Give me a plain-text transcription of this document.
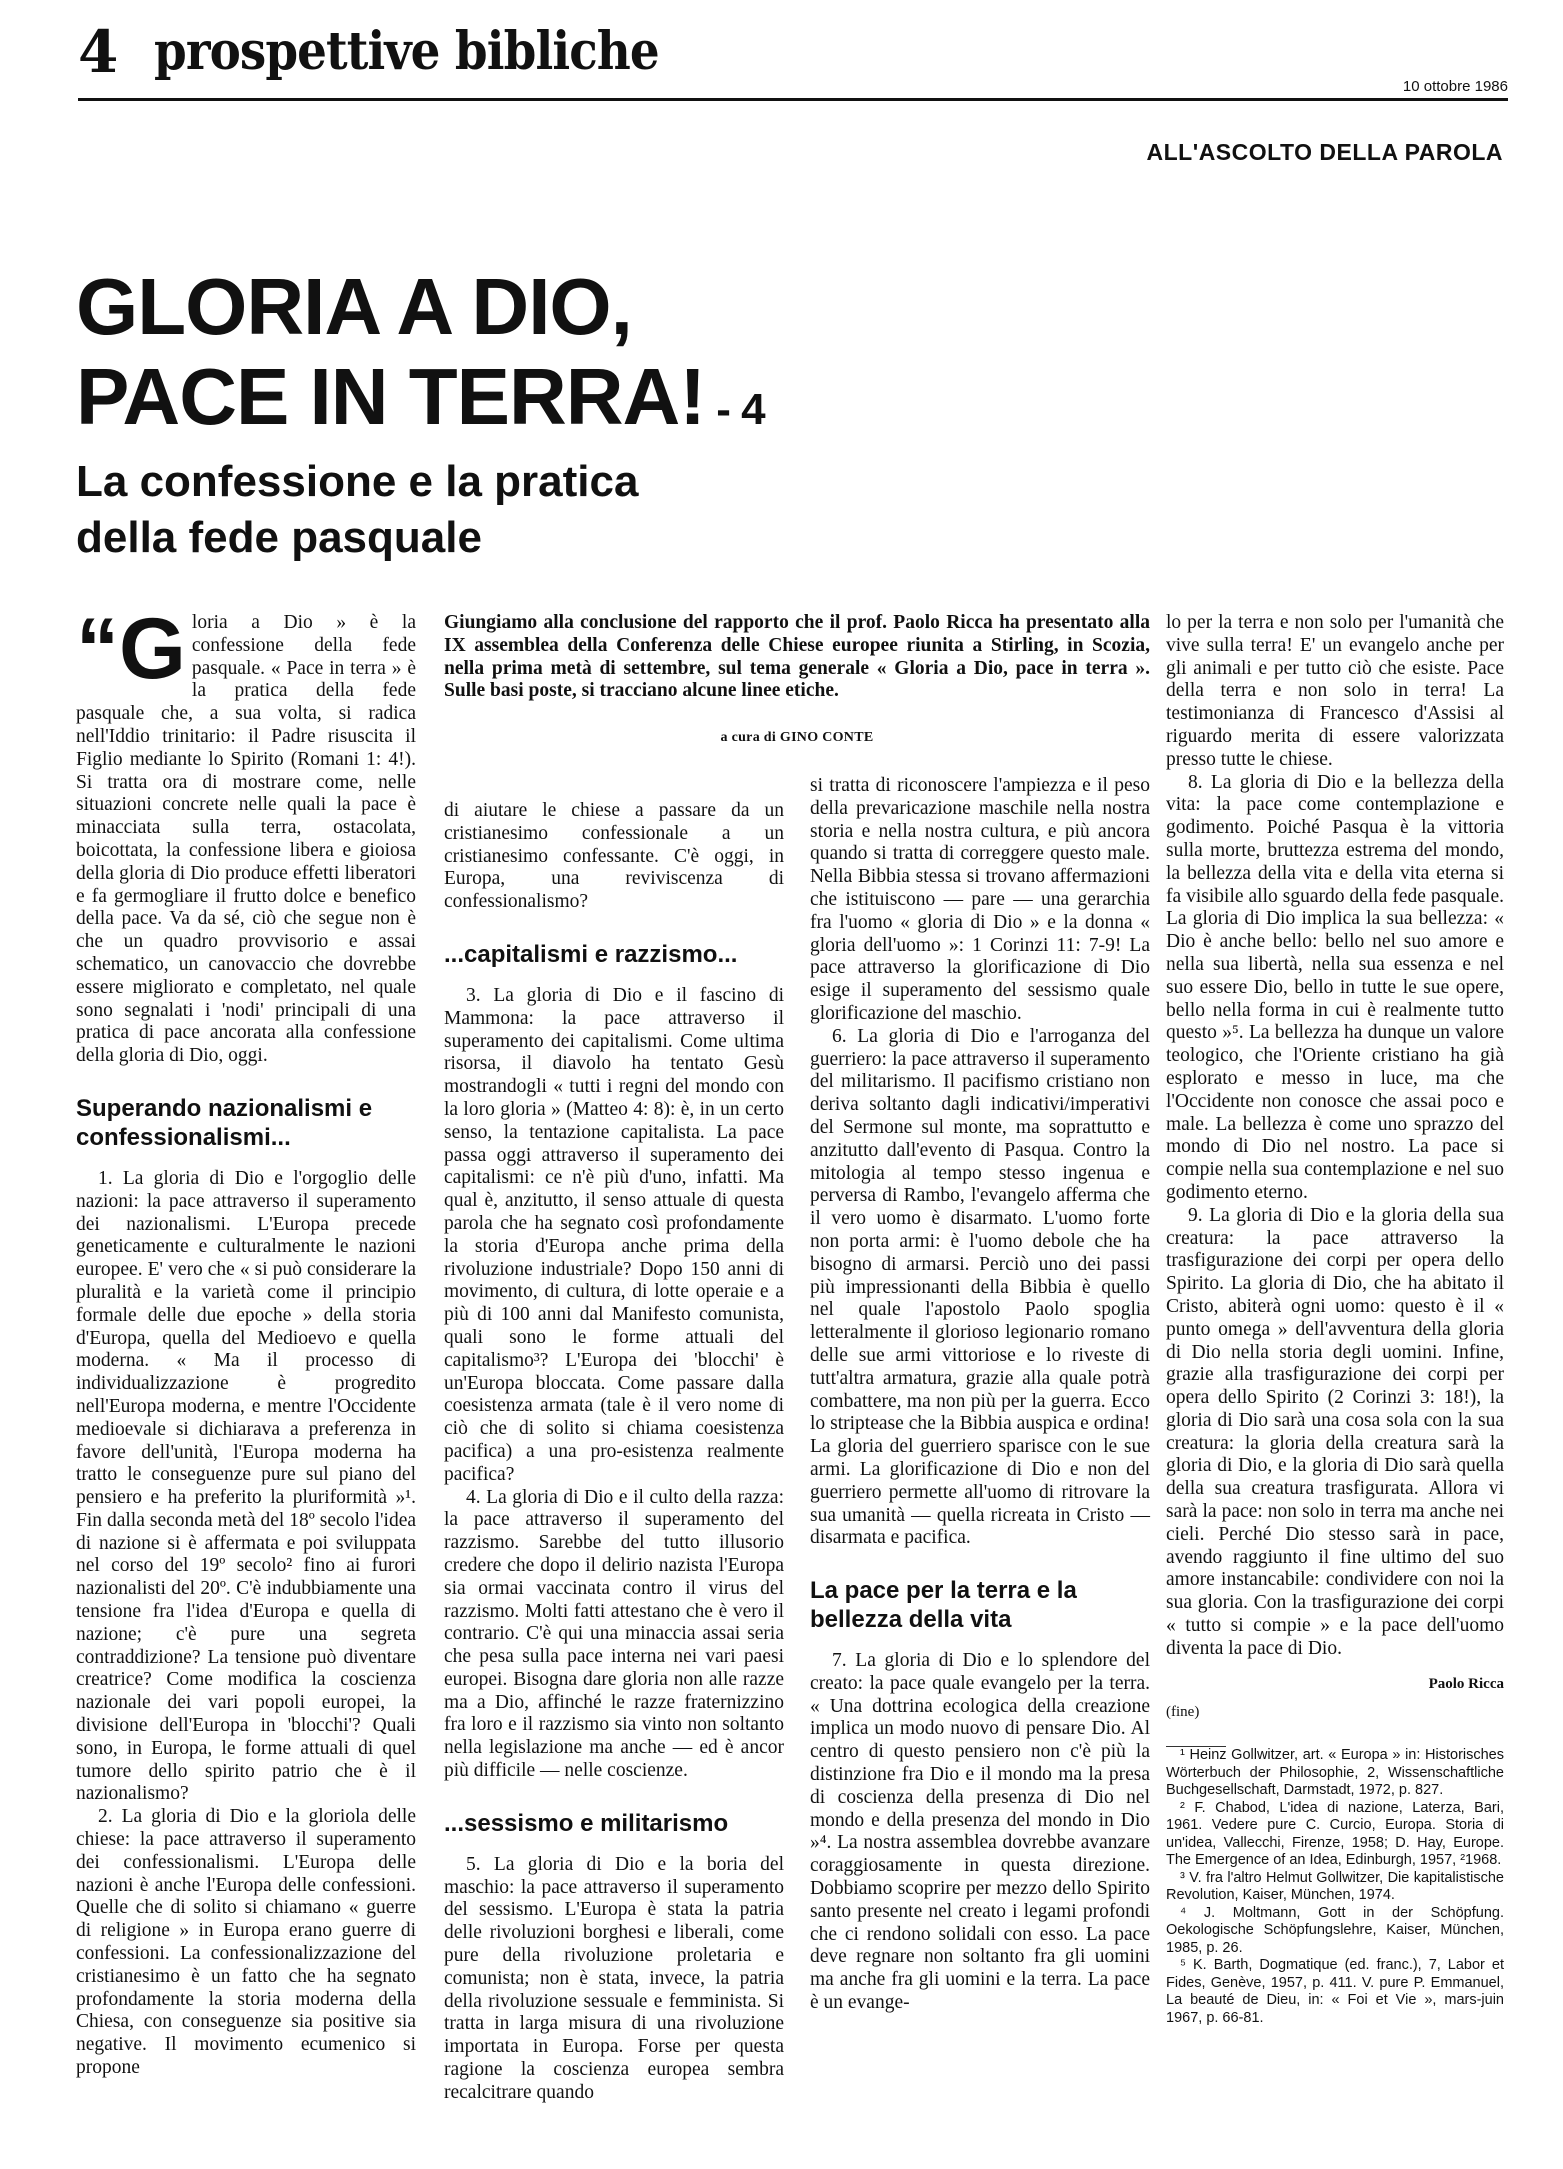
4 prospettive bibliche
10 ottobre 1986
ALL'ASCOLTO DELLA PAROLA
GLORIA A DIO,
PACE IN TERRA! - 4
La confessione e la pratica
della fede pasquale
Giungiamo alla conclusione del rapporto che il prof. Paolo Ricca ha presentato alla IX assemblea della Conferenza delle Chiese europee riunita a Stirling, in Scozia, nella prima metà di settembre, sul tema generale « Gloria a Dio, pace in terra ». Sulle basi poste, si tracciano alcune linee etiche.
a cura di GINO CONTE

“Gloria a Dio » è la confessione della fede pasquale. « Pace in terra » è la pratica della fede pasquale che, a sua volta, si radica nell'Iddio trinitario: il Padre risuscita il Figlio mediante lo Spirito (Romani 1: 4!). Si tratta ora di mostrare come, nelle situazioni concrete nelle quali la pace è minacciata sulla terra, ostacolata, boicottata, la confessione libera e gioiosa della gloria di Dio produce effetti liberatori e fa germogliare il frutto dolce e benefico della pace. Va da sé, ciò che segue non è che un quadro provvisorio e assai schematico, un canovaccio che dovrebbe essere migliorato e completato, nel quale sono segnalati i 'nodi' principali di una pratica di pace ancorata alla confessione della gloria di Dio, oggi.

Superando nazionalismi e confessionalismi...

1. La gloria di Dio e l'orgoglio delle nazioni: la pace attraverso il superamento dei nazionalismi. L'Europa precede geneticamente e culturalmente le nazioni europee. E' vero che « si può considerare la pluralità e la varietà come il principio formale delle due epoche » della storia d'Europa, quella del Medioevo e quella moderna. « Ma il processo di individualizzazione è progredito nell'Europa moderna, e mentre l'Occidente medioevale si dichiarava a preferenza in favore dell'unità, l'Europa moderna ha tratto le conseguenze pure sul piano del pensiero e ha preferito la pluriformità »¹. Fin dalla seconda metà del 18º secolo l'idea di nazione si è affermata e poi sviluppata nel corso del 19º secolo² fino ai furori nazionalisti del 20º. C'è indubbiamente una tensione fra l'idea d'Europa e quella di nazione; c'è pure una segreta contraddizione? La tensione può diventare creatrice? Come modifica la coscienza nazionale dei vari popoli europei, la divisione dell'Europa in 'blocchi'? Quali sono, in Europa, le forme attuali di quel tumore dello spirito patrio che è il nazionalismo?

2. La gloria di Dio e la gloriola delle chiese: la pace attraverso il superamento dei confessionalismi. L'Europa delle nazioni è anche l'Europa delle confessioni. Quelle che di solito si chiamano « guerre di religione » in Europa erano guerre di confessioni. La confessionalizzazione del cristianesimo è un fatto che ha segnato profondamente la storia moderna della Chiesa, con conseguenze sia positive sia negative. Il movimento ecumenico si propone

di aiutare le chiese a passare da un cristianesimo confessionale a un cristianesimo confessante. C'è oggi, in Europa, una reviviscenza di confessionalismo?

...capitalismi e razzismo...

3. La gloria di Dio e il fascino di Mammona: la pace attraverso il superamento dei capitalismi. Come ultima risorsa, il diavolo ha tentato Gesù mostrandogli « tutti i regni del mondo con la loro gloria » (Matteo 4: 8): è, in un certo senso, la tentazione capitalista. La pace passa oggi attraverso il superamento dei capitalismi: ce n'è più d'uno, infatti. Ma qual è, anzitutto, il senso attuale di questa parola che ha segnato così profondamente la storia d'Europa anche prima della rivoluzione industriale? Dopo 150 anni di movimento, di cultura, di lotte operaie e a più di 100 anni dal Manifesto comunista, quali sono le forme attuali del capitalismo³? L'Europa dei 'blocchi' è un'Europa bloccata. Come passare dalla coesistenza armata (tale è il vero nome di ciò che di solito si chiama coesistenza pacifica) a una pro-esistenza realmente pacifica?

4. La gloria di Dio e il culto della razza: la pace attraverso il superamento del razzismo. Sarebbe del tutto illusorio credere che dopo il delirio nazista l'Europa sia ormai vaccinata contro il virus del razzismo. Molti fatti attestano che è vero il contrario. C'è qui una minaccia assai seria che pesa sulla pace interna nei vari paesi europei. Bisogna dare gloria non alle razze ma a Dio, affinché le razze fraternizzino fra loro e il razzismo sia vinto non soltanto nella legislazione ma anche — ed è ancor più difficile — nelle coscienze.

...sessismo e militarismo

5. La gloria di Dio e la boria del maschio: la pace attraverso il superamento del sessismo. L'Europa è stata la patria delle rivoluzioni borghesi e liberali, come pure della rivoluzione proletaria e comunista; non è stata, invece, la patria della rivoluzione sessuale e femminista. Si tratta in larga misura di una rivoluzione importata in Europa. Forse per questa ragione la coscienza europea sembra recalcitrare quando

si tratta di riconoscere l'ampiezza e il peso della prevaricazione maschile nella nostra storia e nella nostra cultura, e più ancora quando si tratta di correggere questo male. Nella Bibbia stessa si trovano affermazioni che istituiscono — pare — una gerarchia fra l'uomo « gloria di Dio » e la donna « gloria dell'uomo »: 1 Corinzi 11: 7-9! La pace attraverso la glorificazione di Dio esige il superamento del sessismo quale glorificazione del maschio.

6. La gloria di Dio e l'arroganza del guerriero: la pace attraverso il superamento del militarismo. Il pacifismo cristiano non deriva soltanto dagli indicativi/imperativi del Sermone sul monte, ma soprattutto e anzitutto dall'evento di Pasqua. Contro la mitologia al tempo stesso ingenua e perversa di Rambo, l'evangelo afferma che il vero uomo è disarmato. L'uomo forte non porta armi: è l'uomo debole che ha bisogno di armarsi. Perciò uno dei passi più impressionanti della Bibbia è quello nel quale l'apostolo Paolo spoglia letteralmente il glorioso legionario romano delle sue armi vittoriose e lo riveste di tutt'altra armatura, grazie alla quale potrà combattere, ma non più per la guerra. Ecco lo striptease che la Bibbia auspica e ordina! La gloria del guerriero sparisce con le sue armi. La glorificazione di Dio e non del guerriero permette all'uomo di ritrovare la sua umanità — quella ricreata in Cristo — disarmata e pacifica.

La pace per la terra e la bellezza della vita

7. La gloria di Dio e lo splendore del creato: la pace quale evangelo per la terra. « Una dottrina ecologica della creazione implica un modo nuovo di pensare Dio. Al centro di questo pensiero non c'è più la distinzione fra Dio e il mondo ma la presa di coscienza della presenza di Dio nel mondo e della presenza del mondo in Dio »⁴. La nostra assemblea dovrebbe avanzare coraggiosamente in questa direzione. Dobbiamo scoprire per mezzo dello Spirito santo presente nel creato i legami profondi che ci rendono solidali con esso. La pace deve regnare non soltanto fra gli uomini ma anche fra gli uomini e la terra. La pace è un evange-

lo per la terra e non solo per l'umanità che vive sulla terra! E' un evangelo anche per gli animali e per tutto ciò che esiste. Pace della terra e non solo in terra! La testimonianza di Francesco d'Assisi al riguardo merita di essere valorizzata presso tutte le chiese.

8. La gloria di Dio e la bellezza della vita: la pace come contemplazione e godimento. Poiché Pasqua è la vittoria sulla morte, bruttezza estrema del mondo, la bellezza della vita e della vita eterna si fa visibile allo sguardo della fede pasquale. La gloria di Dio implica la sua bellezza: « Dio è anche bello: bello nel suo amore e nella sua libertà, nella sua essenza e nel suo essere Dio, bello in tutte le sue opere, bello nella forma in cui è realmente tutto questo »⁵. La bellezza ha dunque un valore teologico, che l'Oriente cristiano ha già esplorato e messo in luce, ma che l'Occidente non conosce che assai poco e male. La bellezza è come uno sprazzo del mondo di Dio nel nostro. La pace si compie nella sua contemplazione e nel suo godimento eterno.

9. La gloria di Dio e la gloria della sua creatura: la pace attraverso la trasfigurazione dei corpi per opera dello Spirito. La gloria di Dio, che ha abitato il Cristo, abiterà ogni uomo: questo è il « punto omega » dell'avventura della gloria di Dio nella storia degli uomini. Infine, grazie alla trasfigurazione dei corpi per opera dello Spirito (2 Corinzi 3: 18!), la gloria di Dio sarà una cosa sola con la sua creatura: la gloria della creatura sarà la gloria di Dio, e la gloria di Dio sarà quella della sua creatura trasfigurata. Allora vi sarà la pace: non solo in terra ma anche nei cieli. Perché Dio stesso sarà in pace, avendo raggiunto il fine ultimo del suo amore instancabile: condividere con noi la sua gloria. Con la trasfigurazione dei corpi « tutto si compie » e la pace dell'uomo diventa la pace di Dio.

Paolo Ricca
(fine)
¹ Heinz Gollwitzer, art. « Europa » in: Historisches Wörterbuch der Philosophie, 2, Wissenschaftliche Buchgesellschaft, Darmstadt, 1972, p. 827.
² F. Chabod, L'idea di nazione, Laterza, Bari, 1961. Vedere pure C. Curcio, Europa. Storia di un'idea, Vallecchi, Firenze, 1958; D. Hay, Europe. The Emergence of an Idea, Edinburgh, 1957, ²1968.
³ V. fra l'altro Helmut Gollwitzer, Die kapitalistische Revolution, Kaiser, München, 1974.
⁴ J. Moltmann, Gott in der Schöpfung. Oekologische Schöpfungslehre, Kaiser, München, 1985, p. 26.
⁵ K. Barth, Dogmatique (ed. franc.), 7, Labor et Fides, Genève, 1957, p. 411. V. pure P. Emmanuel, La beauté de Dieu, in: « Foi et Vie », mars-juin 1967, p. 66-81.
